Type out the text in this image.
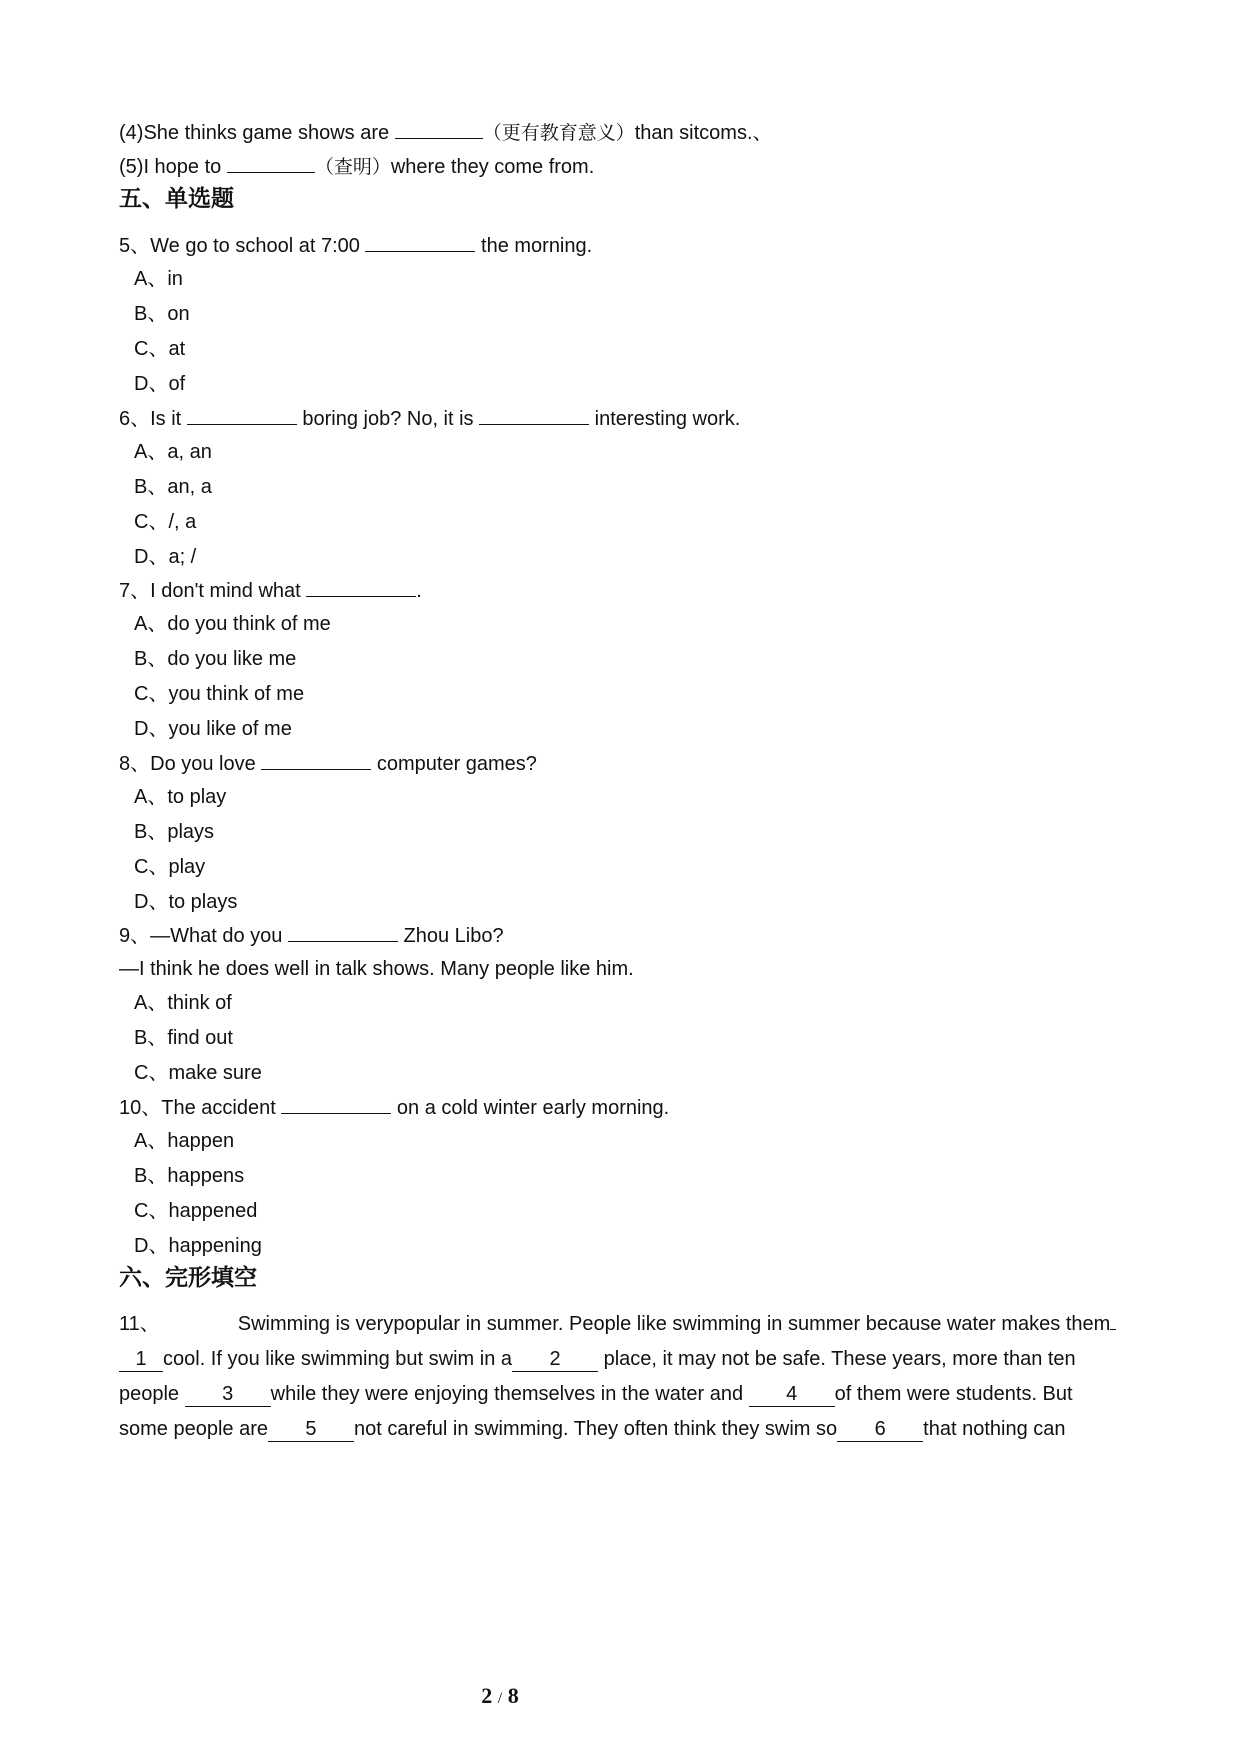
(4)She thinks game shows are	（更有教育意义）than sitcoms.、
(5)I hope to	（查明）where they come from.
五、单选题
5、We go to school at 7:00	the morning.
A、in
B、on
C、at
D、of
6、Is it	boring job? No, it is	interesting work.
A、a, an
B、an, a
C、/, a
D、a; /
7、I don't mind what	.
A、do you think of me
B、do you like me
C、you think of me
D、you like of me
8、Do you love	computer games?
A、to play
B、plays
C、play
D、to plays
9、—What do you	Zhou Libo?
—I think he does well in talk shows. Many people like him.
A、think of
B、find out
C、make sure
10、The accident	on a cold winter early morning.
A、happen
B、happens
C、happened
D、happening
六、完形填空
11、	Swimming is verypopular in summer. People like swimming in summer because water makes them
1 cool. If you like swimming but swim in a 2 place, it may not be safe. These years, more than ten
people 3 while they were enjoying themselves in the water and 4 of them were students. But
some people are 5 not careful in swimming. They often think they swim so 6 that nothing can
2 / 8
